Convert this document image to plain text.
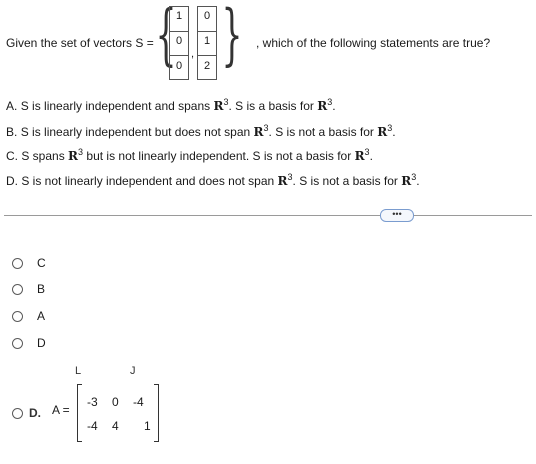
Given the set of vectors S = { 1
0
0
,
0
1
2 } , which of the following statements are true?
A. S is linearly independent and spans $R^3$. S is a basis for $R^3$.
B. S is linearly independent but does not span $R^3$. S is not a basis for $R^3$.
C. S spans $R^3$ but is not linearly independent. S is not a basis for $R^3$.
D. S is not linearly independent and does not span $R^3$. S is not a basis for $R^3$.
•••
C
B
A
D
L	J
D. A =
-3 0 -4
-4 4 1
